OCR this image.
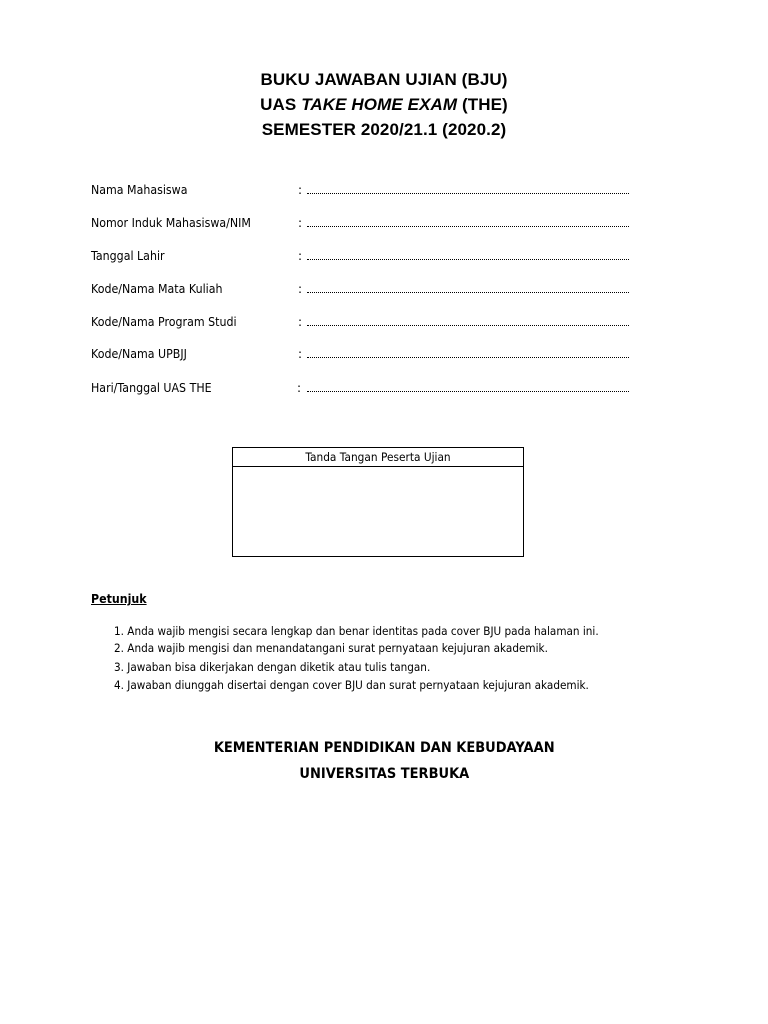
BUKU JAWABAN UJIAN (BJU)
UAS TAKE HOME EXAM (THE)
SEMESTER 2020/21.1 (2020.2)
Nama Mahasiswa	:
Nomor Induk Mahasiswa/NIM	:
Tanggal Lahir	:
Kode/Nama Mata Kuliah	:
Kode/Nama Program Studi	:
Kode/Nama UPBJJ	:
Hari/Tanggal UAS THE	:
Tanda Tangan Peserta Ujian
Petunjuk
1. Anda wajib mengisi secara lengkap dan benar identitas pada cover BJU pada halaman ini.
2. Anda wajib mengisi dan menandatangani surat pernyataan kejujuran akademik.
3. Jawaban bisa dikerjakan dengan diketik atau tulis tangan.
4. Jawaban diunggah disertai dengan cover BJU dan surat pernyataan kejujuran akademik.
KEMENTERIAN PENDIDIKAN DAN KEBUDAYAAN
UNIVERSITAS TERBUKA
